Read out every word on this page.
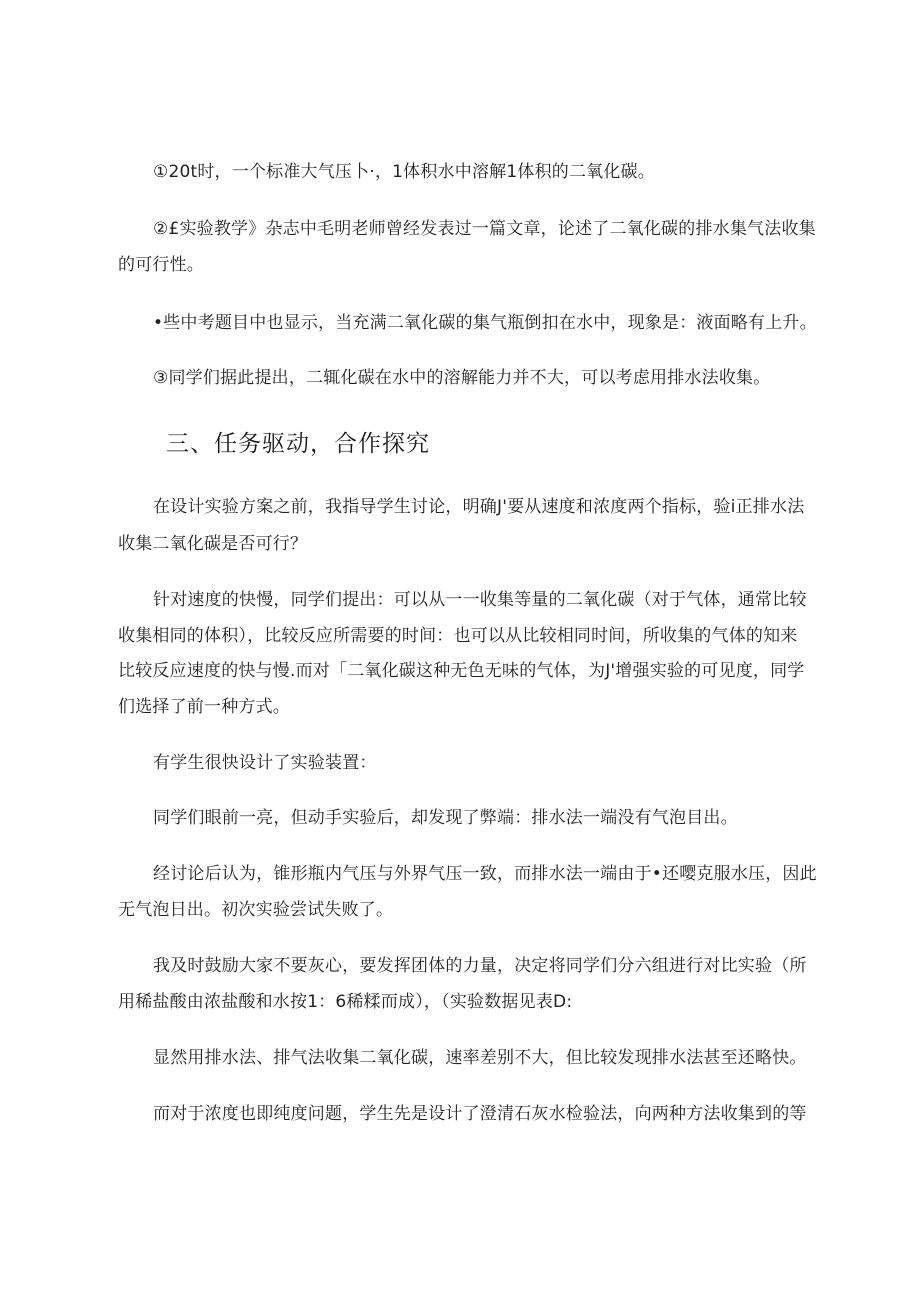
①20t时，一个标准大气压卜·，1体积水中溶解1体积的二氧化碳。
②£实验教学》杂志中毛明老师曾经发表过一篇文章，论述了二氧化碳的排水集气法收集
的可行性。
•些中考题目中也显示，当充满二氧化碳的集气瓶倒扣在水中，现象是：液面略有上升。
③同学们据此提出，二辄化碳在水中的溶解能力并不大，可以考虑用排水法收集。
三、任务驱动，合作探究
在设计实验方案之前，我指导学生讨论，明确J'要从速度和浓度两个指标，验i正排水法
收集二氧化碳是否可行？
针对速度的快慢，同学们提出：可以从一一收集等量的二氧化碳（对于气体，通常比较
收集相同的体积），比较反应所需要的时间：也可以从比较相同时间，所收集的气体的知来
比较反应速度的快与慢.而对「二氧化碳这种无色无味的气体，为J'增强实验的可见度，同学
们选择了前一种方式。
有学生很快设计了实验装置：
同学们眼前一亮，但动手实验后，却发现了弊端：排水法一端没有气泡目出。
经讨论后认为，锥形瓶内气压与外界气压一致，而排水法一端由于•还嘤克服水压，因此
无气泡日出。初次实验尝试失败了。
我及时鼓励大家不要灰心，要发挥团体的力量，决定将同学们分六组进行对比实验（所
用稀盐酸由浓盐酸和水按1：6稀糅而成），（实验数据见表D:
显然用排水法、排气法收集二氧化碳，速率差别不大，但比较发现排水法甚至还略快。
而对于浓度也即纯度问题，学生先是设计了澄清石灰水检验法，向两种方法收集到的等
